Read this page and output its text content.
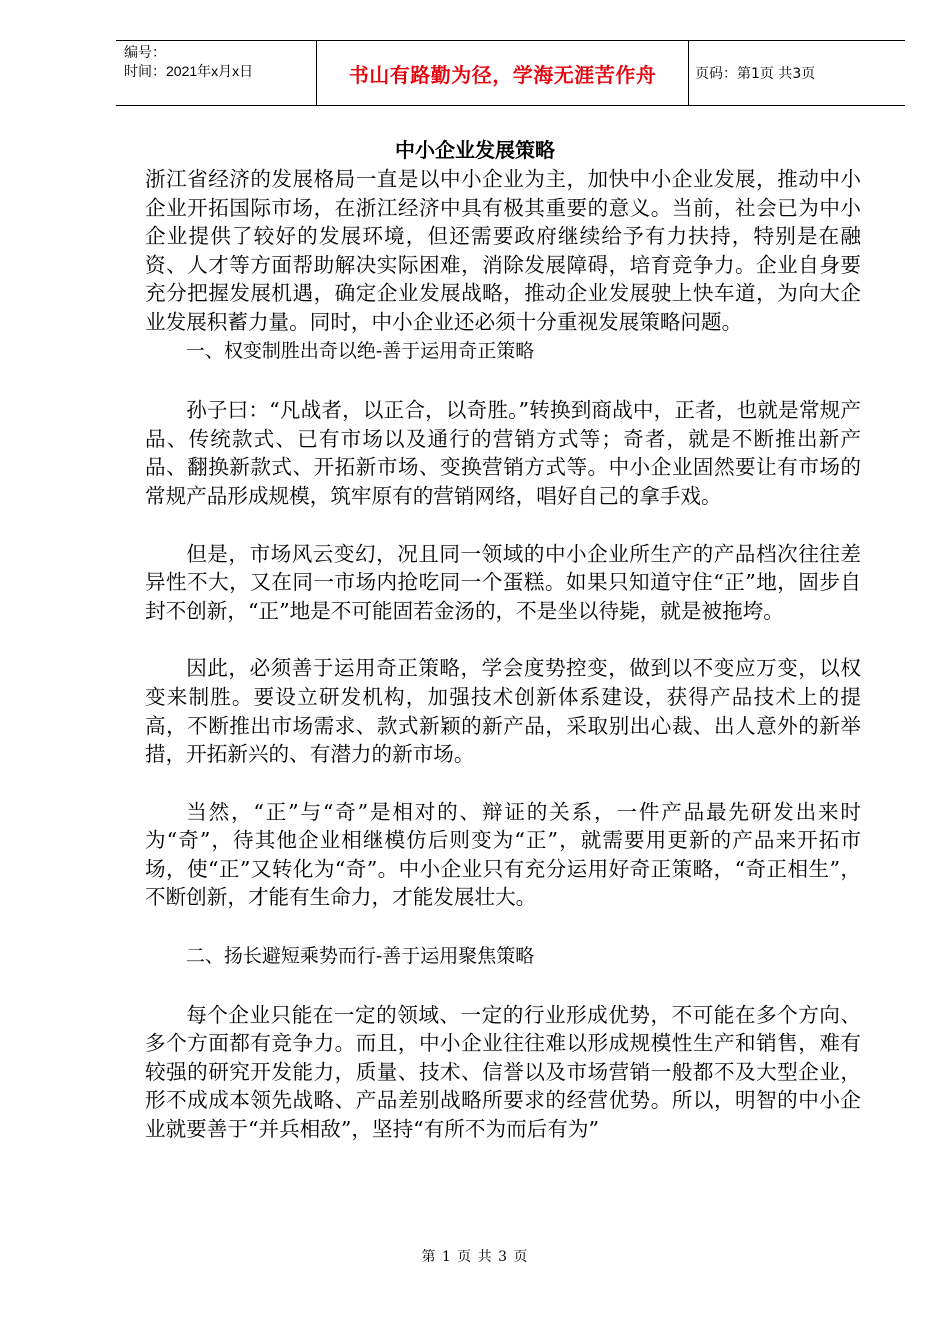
编号：
时间：2021年x月x日	书山有路勤为径，学海无涯苦作舟	页码：第1页 共3页
中小企业发展策略

浙江省经济的发展格局一直是以中小企业为主，加快中小企业发展，推动中小企业开拓国际市场，在浙江经济中具有极其重要的意义。当前，社会已为中小企业提供了较好的发展环境，但还需要政府继续给予有力扶持，特别是在融资、人才等方面帮助解决实际困难，消除发展障碍，培育竞争力。企业自身要充分把握发展机遇，确定企业发展战略，推动企业发展驶上快车道，为向大企业发展积蓄力量。同时，中小企业还必须十分重视发展策略问题。

一、权变制胜出奇以绝-善于运用奇正策略

孙子曰：“凡战者，以正合，以奇胜。”转换到商战中，正者，也就是常规产品、传统款式、已有市场以及通行的营销方式等；奇者，就是不断推出新产品、翻换新款式、开拓新市场、变换营销方式等。中小企业固然要让有市场的常规产品形成规模，筑牢原有的营销网络，唱好自己的拿手戏。

但是，市场风云变幻，况且同一领域的中小企业所生产的产品档次往往差异性不大，又在同一市场内抢吃同一个蛋糕。如果只知道守住“正”地，固步自封不创新，“正”地是不可能固若金汤的，不是坐以待毙，就是被拖垮。

因此，必须善于运用奇正策略，学会度势控变，做到以不变应万变，以权变来制胜。要设立研发机构，加强技术创新体系建设，获得产品技术上的提高，不断推出市场需求、款式新颖的新产品，采取别出心裁、出人意外的新举措，开拓新兴的、有潜力的新市场。

当然，“正”与“奇”是相对的、辩证的关系，一件产品最先研发出来时为“奇”，待其他企业相继模仿后则变为“正”，就需要用更新的产品来开拓市场，使“正”又转化为“奇”。中小企业只有充分运用好奇正策略，“奇正相生”，不断创新，才能有生命力，才能发展壮大。

二、扬长避短乘势而行-善于运用聚焦策略

每个企业只能在一定的领域、一定的行业形成优势，不可能在多个方向、多个方面都有竞争力。而且，中小企业往往难以形成规模性生产和销售，难有较强的研究开发能力，质量、技术、信誉以及市场营销一般都不及大型企业，形不成成本领先战略、产品差别战略所要求的经营优势。所以，明智的中小企业就要善于“并兵相敌”，坚持“有所不为而后有为”

第 1 页 共 3 页
